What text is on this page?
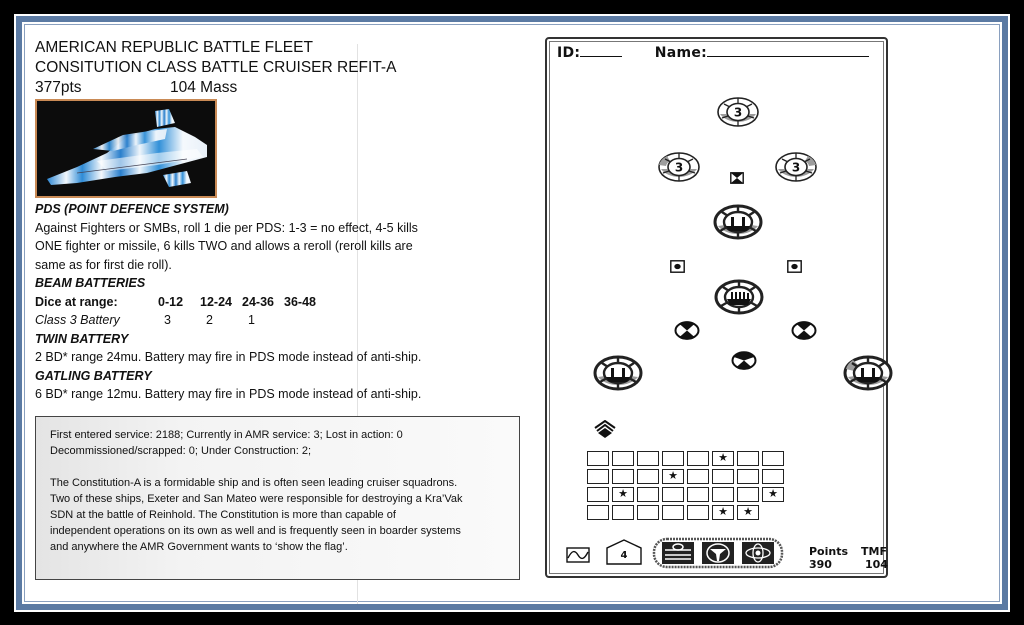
AMERICAN REPUBLIC BATTLE FLEET
CONSITUTION CLASS BATTLE CRUISER REFIT-A
377pts	104 Mass
PDS (POINT DEFENCE SYSTEM)
Against Fighters or SMBs, roll 1 die per PDS: 1-3 = no effect, 4-5 kills
ONE fighter or missile, 6 kills TWO and allows a reroll (reroll kills are
same as for first die roll).
BEAM BATTERIES
Dice at range:	0-12	12-24 24-36 36-48
Class 3 Battery	3	2	1
TWIN BATTERY
2 BD* range 24mu. Battery may fire in PDS mode instead of anti-ship.
GATLING BATTERY
6 BD* range 12mu. Battery may fire in PDS mode instead of anti-ship.
First entered service: 2188; Currently in AMR service: 3; Lost in action: 0
Decommissioned/scrapped: 0; Under Construction: 2;
The Constitution-A is a formidable ship and is often seen leading cruiser squadrons.
Two of these ships, Exeter and San Mateo were responsible for destroying a Kra’Vak
SDN at the battle of Reinhold. The Constitution is more than capable of
independent operations on its own as well and is frequently seen in boarder systems
and anywhere the AMR Government wants to ‘show the flag’.
ID:	Name:
3
3	3
★
★
★	★
★ ★
4	Points	TMF
390	104
